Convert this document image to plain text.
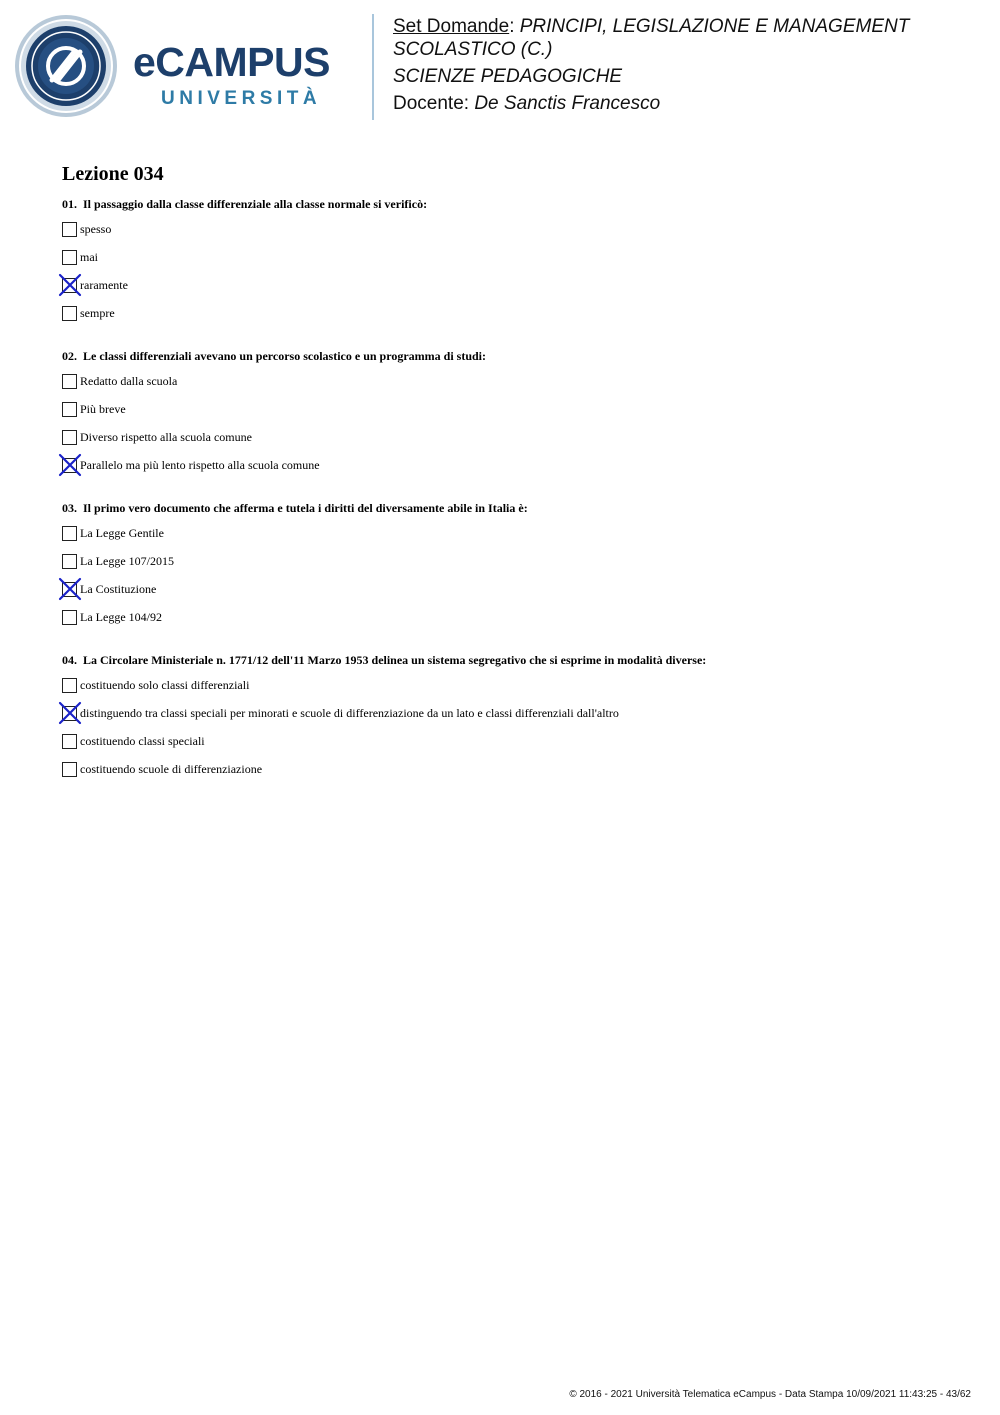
eCAMPUS
UNIVERSITÀ
Set Domande: PRINCIPI, LEGISLAZIONE E MANAGEMENT
SCOLASTICO (C.)
SCIENZE PEDAGOGICHE
Docente: De Sanctis Francesco
Lezione 034
01. Il passaggio dalla classe differenziale alla classe normale si verificò:
spesso
mai
raramente
sempre
02. Le classi differenziali avevano un percorso scolastico e un programma di studi:
Redatto dalla scuola
Più breve
Diverso rispetto alla scuola comune
Parallelo ma più lento rispetto alla scuola comune
03. Il primo vero documento che afferma e tutela i diritti del diversamente abile in Italia è:
La Legge Gentile
La Legge 107/2015
La Costituzione
La Legge 104/92
04. La Circolare Ministeriale n. 1771/12 dell'11 Marzo 1953 delinea un sistema segregativo che si esprime in modalità diverse:
costituendo solo classi differenziali
distinguendo tra classi speciali per minorati e scuole di differenziazione da un lato e classi differenziali dall'altro
costituendo classi speciali
costituendo scuole di differenziazione
© 2016 - 2021 Università Telematica eCampus - Data Stampa 10/09/2021 11:43:25 - 43/62
